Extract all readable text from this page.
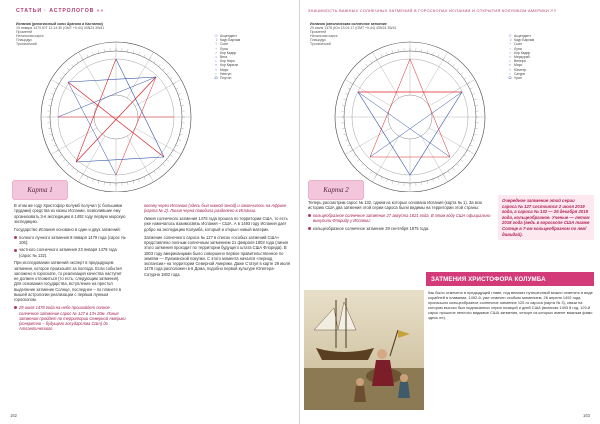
СТАТЬИ · АСТРОЛОГОВ »»
Испания (религиозный союз Арагона и Кастилии)
19 января 1479 ЮТ 12:14:30 (GMT +0:44) 40N24 3W41
Прометей
Натальная карта
Плацидус
Тропический
☉ Асцендент
☽ Каур Бархам
☿ Солн
♀ Луна
♂ Кор Кадир
♃ Вега
♄ Кор Наро
♅ Кор Карили
♆ Марс
♇ Нептун
☊ Плутон
Карта 1

В этом же году Христофор Колумб получил (с большими трудами) средства из казны Испании, позволившие ему организовать 3-я экспедицию в 1492 году первую морскую экспедицию.

Государство Испания основано в один и двух затмений:

полного лунного затмения 8 января 1479 года (сарос № 106);
частного солнечного затмения 23 января 1479 года (сарос № 132).

При исследовании затмений эксперт в предыдущем затмении, которое произошёл за полгода. Если события заложено в гороскопе, то реализация качества наступит не должен отложиться (то есть, следующим затмения). Для основания государства, вступление на престол выделение затмение Солнце, последнее – по планете в вышей астрологии реализации с первым лунным гороскопом.

29 июля 1478 года на небе произойдет полное солнечное затмение сарос № 127 в 13ч 20м. Линия затмения пройдет по территории Северной Америки (конкретно – будущего государства США) до Атлантического

океану через Испанию (здесь был южной зоной) и закончилось на Африке (карта № 2). Линия черна поводила разделено в Испании.

Линия солнечного затмения 1478 года прошла по территории США, то есть уже намечалось взаимосвязь Испания – США. А в 1493 году Испания дает добро на экспедицию Колумба, который и открыл новый материк.

Затмение солнечного сароса № 127 в список «особых затмений США» представлено полным солнечным затмением 21 февраля 1803 года (линия этого затмения проходит по территории будущего штата США Флорида). В 1803 году американцами было совершено первое правительственное по землям — Луизианской покупки. С этого момента начался «период экспансии» на территории Северной Америки. Даже Статуя в карте 29 июля 1478 года расположен в 6 Дома, подобно первой культуре Юпитера-Сатурна 1802 года.

162
ЗНАЧИМОСТЬ ВАЖНЫХ СОЛНЕЧНЫХ ЗАТМЕНИЙ В ГОРОСКОПАХ ИСПАНИИ И ОТКРЫТИЯ КОЛУМБОМ АМЕРИКИ »»
Испания (католическая солнечное затмение
29 июля 1478 (Юл 13:01:17 (GMT +0:44) 40N24 3W41
Прометей
Натальная карта
Плацидус
Тропический
☉ Асцендент
☽ Каур Бархам
☿ Солн
♀ Луна
♂ Кор Кадир
♃ Меркурий
♄ Венера
♅ Марс
♆ Юпитер
♇ Сатурн
☊ Уран
Карта 2

Теперь рассмотрим сарос № 132, одним из которых основана Испания (карта № 1). За всю историю США два затмения этой серии сароса были видимы на территории этой страны:

кольцеобразное солнечное затмение 27 августа 1821 года. В этом году США официально выкупили Флориду у Испании;
кольцеобразное солнечное затмение 29 сентября 1875 года.
Очередное затмение этой серии сароса № 127 состоится 2 июля 2019 года, а сароса № 132 — 26 декабря 2019 года, кольцеобразное. Ученые — летом 2018 года (ведь в гороскопе США также Солнце в 7-ом кольцеобразном по лев/дивидай).
ЗАТМЕНИЯ ХРИСТОФОРА КОЛУМБА

Как было отмечено в предыдущей главе, под великих путешествий можно отметить в виде кораблей в плавании, 1492-й, уже отмечен особым затмением. 26 апреля 1492 года произошло кольцеобразное солнечное затмение 120-го сароса (карта № 3), связи на котором высоко был подписанных серии позиций и дней США (включая 1493 й год. 120-й сарос прошлое неплохо видимые США затмения, четыре из которых имеют важным фамо здесь не).

163
